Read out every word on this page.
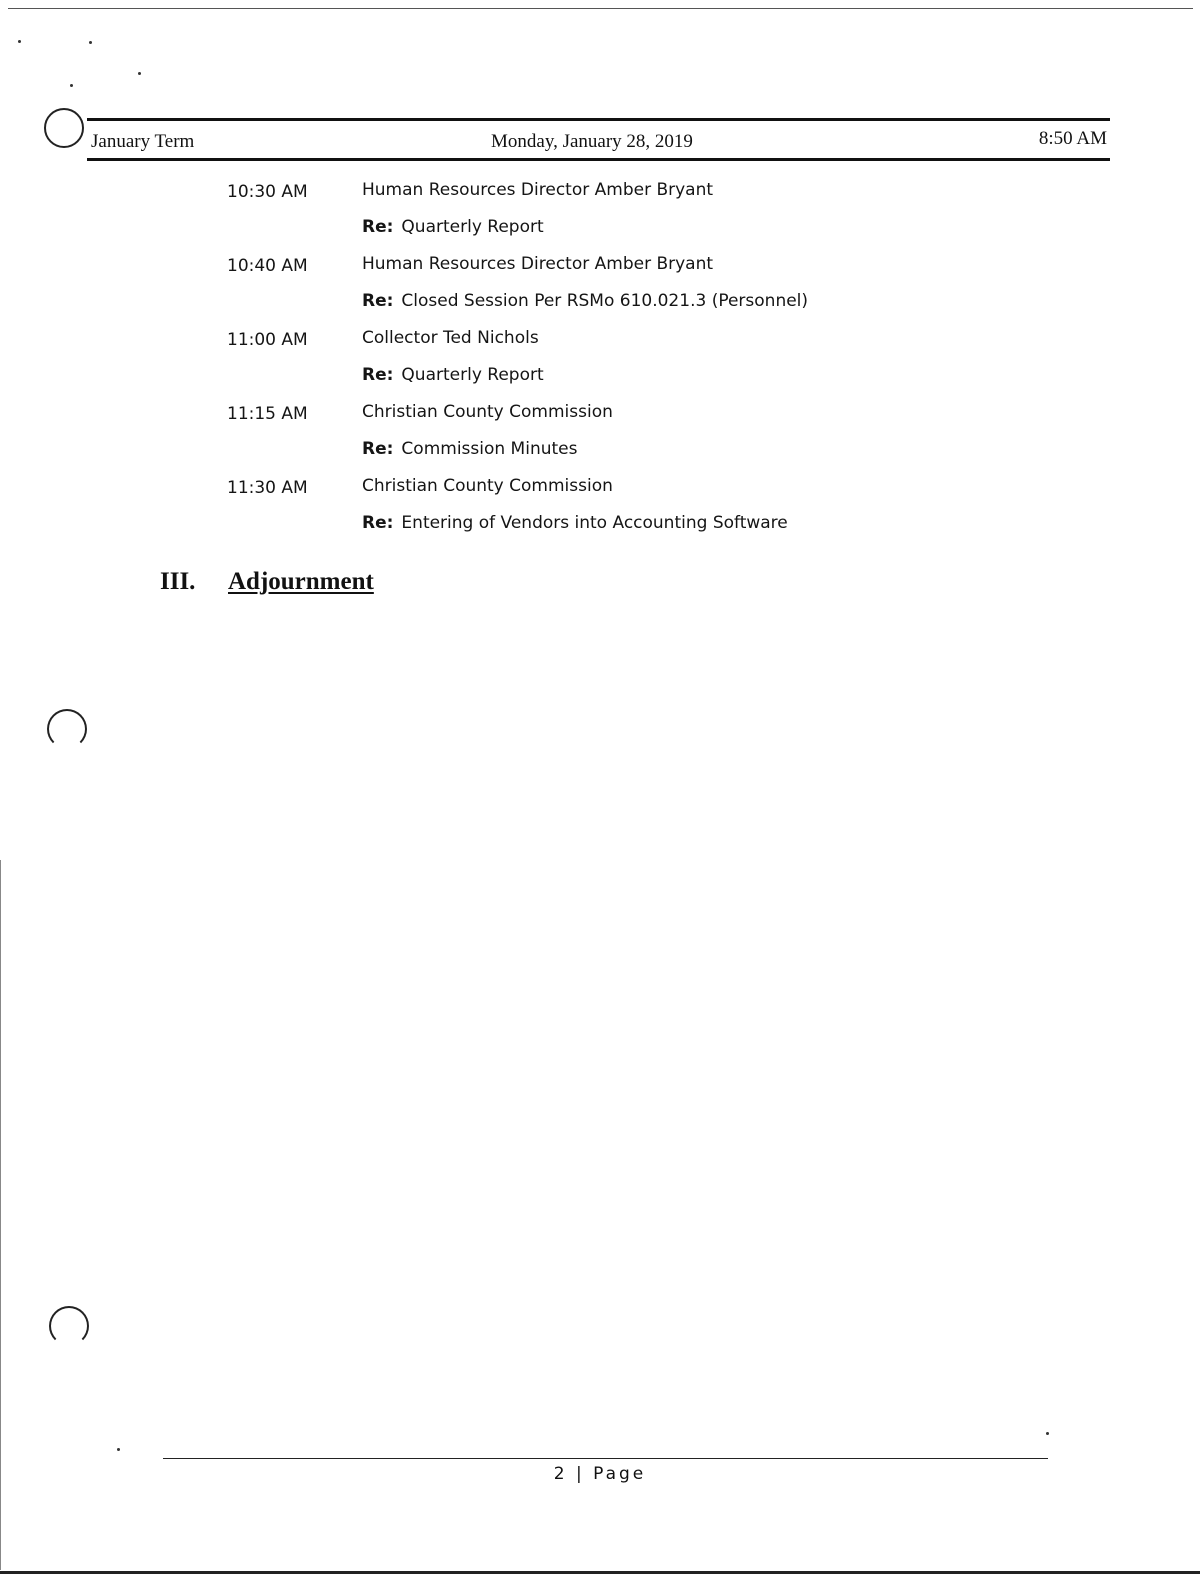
January Term	Monday, January 28, 2019	8:50 AM
10:30 AM	Human Resources Director Amber Bryant
Re: Quarterly Report
10:40 AM	Human Resources Director Amber Bryant
Re: Closed Session Per RSMo 610.021.3 (Personnel)
11:00 AM	Collector Ted Nichols
Re: Quarterly Report
11:15 AM	Christian County Commission
Re: Commission Minutes
11:30 AM	Christian County Commission
Re: Entering of Vendors into Accounting Software
III. Adjournment
2 | Page
